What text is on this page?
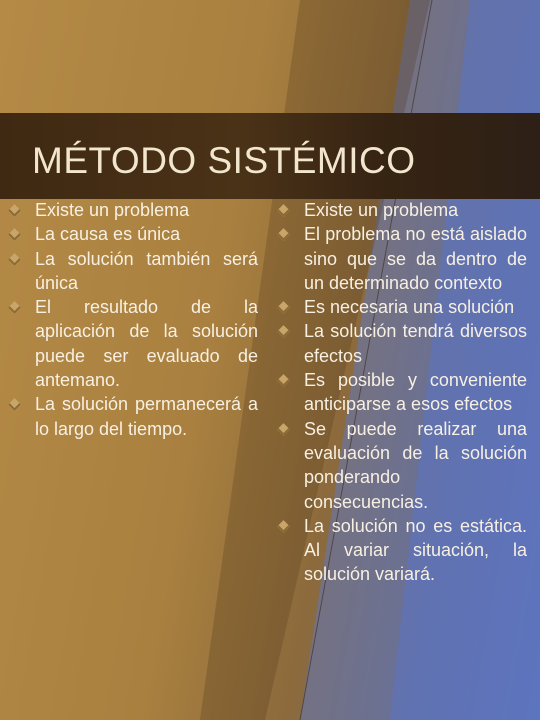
MÉTODO SISTÉMICO
Existe un problema
La causa es única
La solución también será única
El resultado de la aplicación de la solución puede ser evaluado de antemano.
La solución permanecerá a lo largo del tiempo.
Existe un problema
El problema no está aislado sino que se da dentro de un determinado contexto
Es necesaria una solución
La solución tendrá diversos efectos
Es posible y conveniente anticiparse a esos efectos
Se puede realizar una evaluación de la solución ponderando consecuencias.
La solución no es estática. Al variar situación, la solución variará.
